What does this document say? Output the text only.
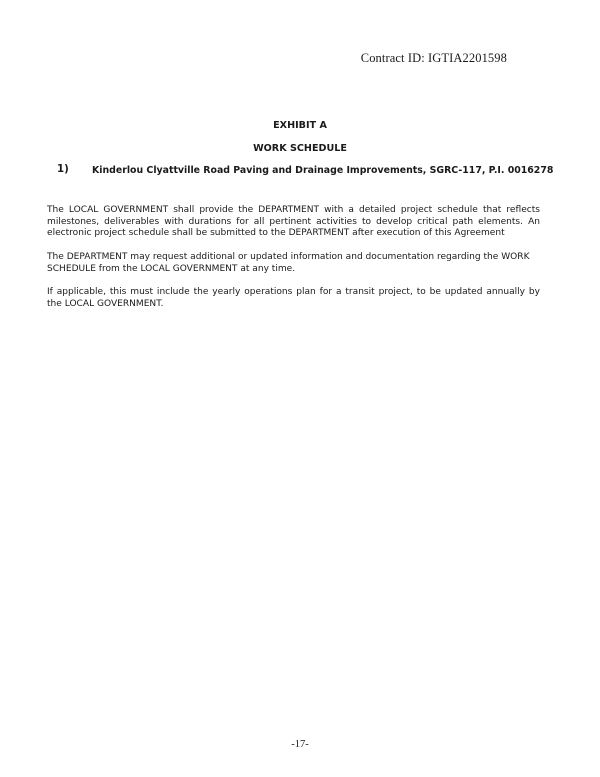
Contract ID: IGTIA2201598
EXHIBIT A
WORK SCHEDULE
1) Kinderlou Clyattville Road Paving and Drainage Improvements, SGRC-117, P.I. 0016278

The LOCAL GOVERNMENT shall provide the DEPARTMENT with a detailed project schedule that reflects milestones, deliverables with durations for all pertinent activities to develop critical path elements. An electronic project schedule shall be submitted to the DEPARTMENT after execution of this Agreement

The DEPARTMENT may request additional or updated information and documentation regarding the WORK SCHEDULE from the LOCAL GOVERNMENT at any time.

If applicable, this must include the yearly operations plan for a transit project, to be updated annually by the LOCAL GOVERNMENT.

-17-
